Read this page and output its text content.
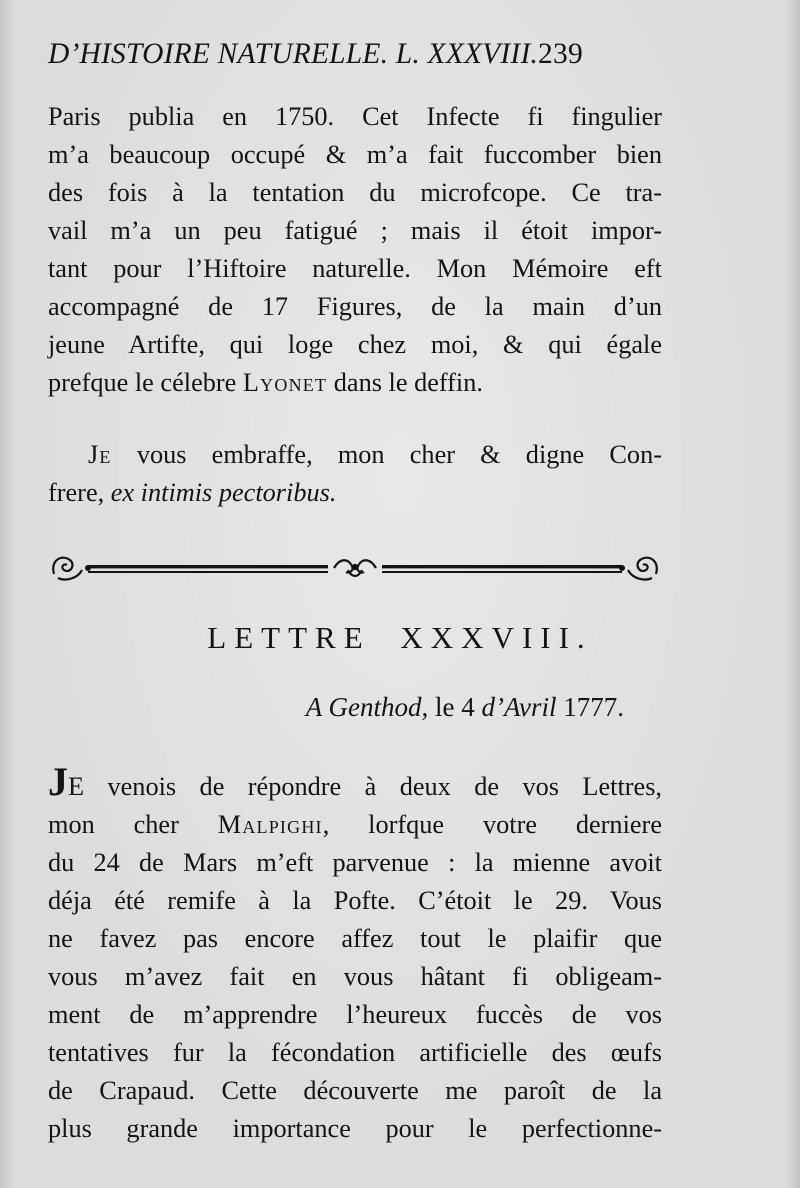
D’HISTOIRE NATURELLE. L. XXXVIII.239
Paris publia en 1750. Cet Infecte fi fingulier
m’a beaucoup occupé & m’a fait fuccomber bien
des fois à la tentation du microfcope. Ce tra-
vail m’a un peu fatigué ; mais il étoit impor-
tant pour l’Hiftoire naturelle. Mon Mémoire eft
accompagné de 17 Figures, de la main d’un
jeune Artifte, qui loge chez moi, & qui égale
prefque le célebre Lyonet dans le deffin.
Je vous embraffe, mon cher & digne Con-
frere, ex intimis pectoribus.
LETTRE XXXVIII.
A Genthod, le 4 d’Avril 1777.
JE venois de répondre à deux de vos Lettres,
mon cher Malpighi, lorfque votre derniere
du 24 de Mars m’eft parvenue : la mienne avoit
déja été remife à la Pofte. C’étoit le 29. Vous
ne favez pas encore affez tout le plaifir que
vous m’avez fait en vous hâtant fi obligeam-
ment de m’apprendre l’heureux fuccès de vos
tentatives fur la fécondation artificielle des œufs
de Crapaud. Cette découverte me paroît de la
plus grande importance pour le perfectionne-
